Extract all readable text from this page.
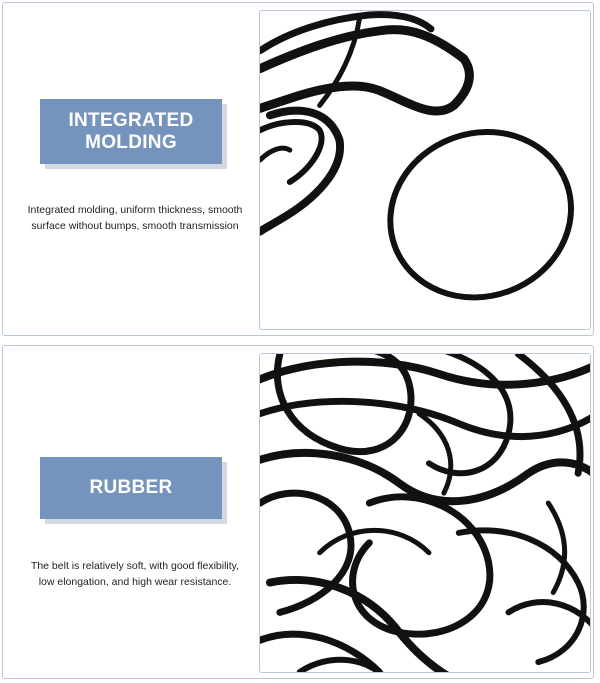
INTEGRATED
MOLDING
Integrated molding, uniform thickness, smooth surface without bumps, smooth transmission
RUBBER
The belt is relatively soft, with good flexibility, low elongation, and high wear resistance.
